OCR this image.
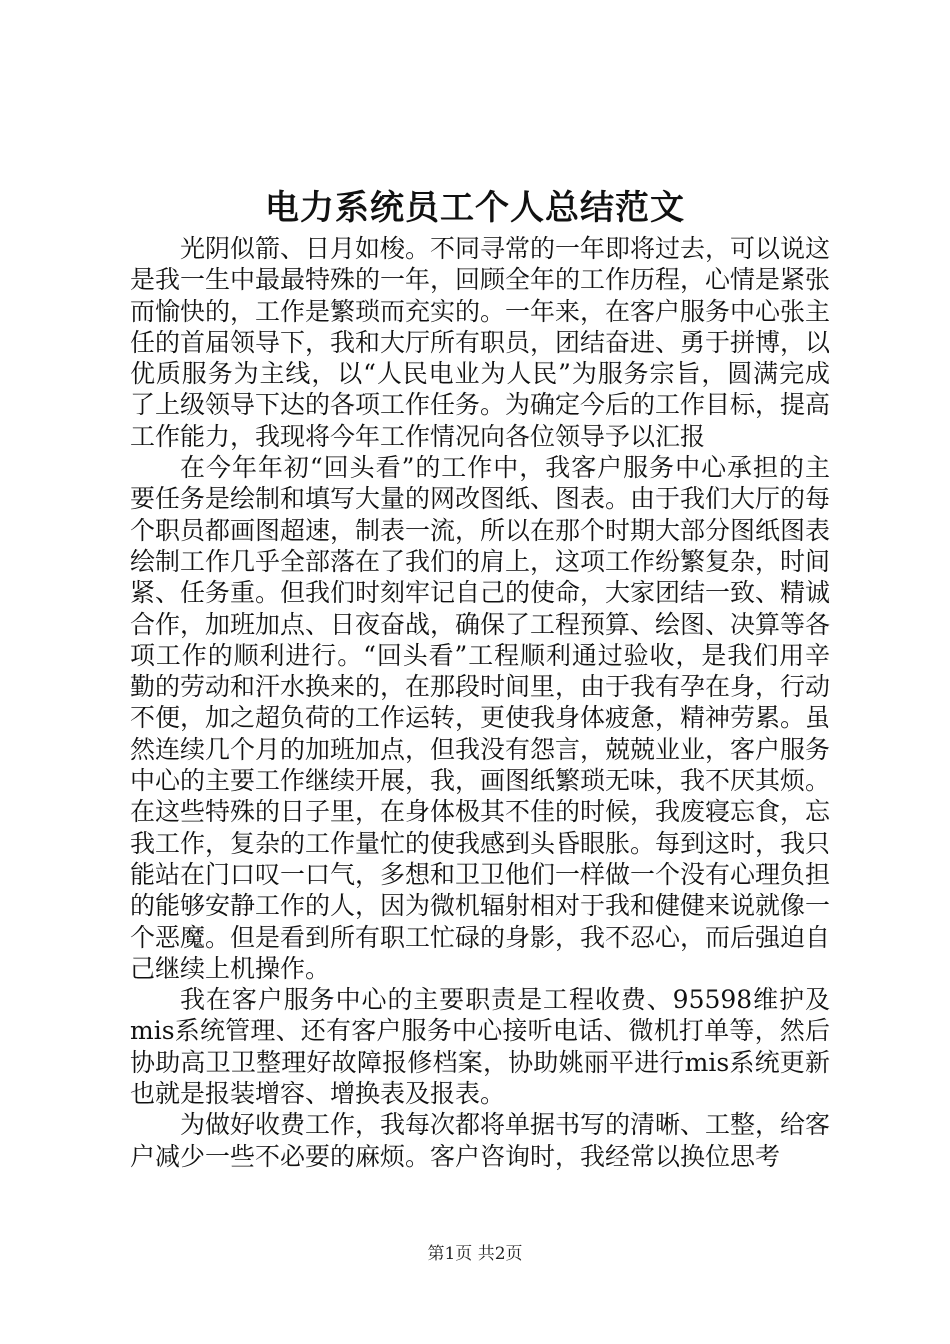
电力系统员工个人总结范文

光阴似箭、日月如梭。不同寻常的一年即将过去，可以说这是我一生中最最特殊的一年，回顾全年的工作历程，心情是紧张而愉快的，工作是繁琐而充实的。一年来，在客户服务中心张主任的首届领导下，我和大厅所有职员，团结奋进、勇于拼博，以优质服务为主线，以“人民电业为人民”为服务宗旨，圆满完成了上级领导下达的各项工作任务。为确定今后的工作目标，提高工作能力，我现将今年工作情况向各位领导予以汇报

在今年年初“回头看”的工作中，我客户服务中心承担的主要任务是绘制和填写大量的网改图纸、图表。由于我们大厅的每个职员都画图超速，制表一流，所以在那个时期大部分图纸图表绘制工作几乎全部落在了我们的肩上，这项工作纷繁复杂，时间紧、任务重。但我们时刻牢记自己的使命，大家团结一致、精诚合作，加班加点、日夜奋战，确保了工程预算、绘图、决算等各项工作的顺利进行。“回头看”工程顺利通过验收，是我们用辛勤的劳动和汗水换来的，在那段时间里，由于我有孕在身，行动不便，加之超负荷的工作运转，更使我身体疲惫，精神劳累。虽然连续几个月的加班加点，但我没有怨言，兢兢业业，客户服务中心的主要工作继续开展，我，画图纸繁琐无味，我不厌其烦。在这些特殊的日子里，在身体极其不佳的时候，我废寝忘食，忘我工作，复杂的工作量忙的使我感到头昏眼胀。每到这时，我只能站在门口叹一口气，多想和卫卫他们一样做一个没有心理负担的能够安静工作的人，因为微机辐射相对于我和健健来说就像一个恶魔。但是看到所有职工忙碌的身影，我不忍心，而后强迫自己继续上机操作。

我在客户服务中心的主要职责是工程收费、95598维护及mis系统管理、还有客户服务中心接听电话、微机打单等，然后协助高卫卫整理好故障报修档案，协助姚丽平进行mis系统更新也就是报装增容、增换表及报表。

为做好收费工作，我每次都将单据书写的清晰、工整，给客户减少一些不必要的麻烦。客户咨询时，我经常以换位思考

第1页 共2页
